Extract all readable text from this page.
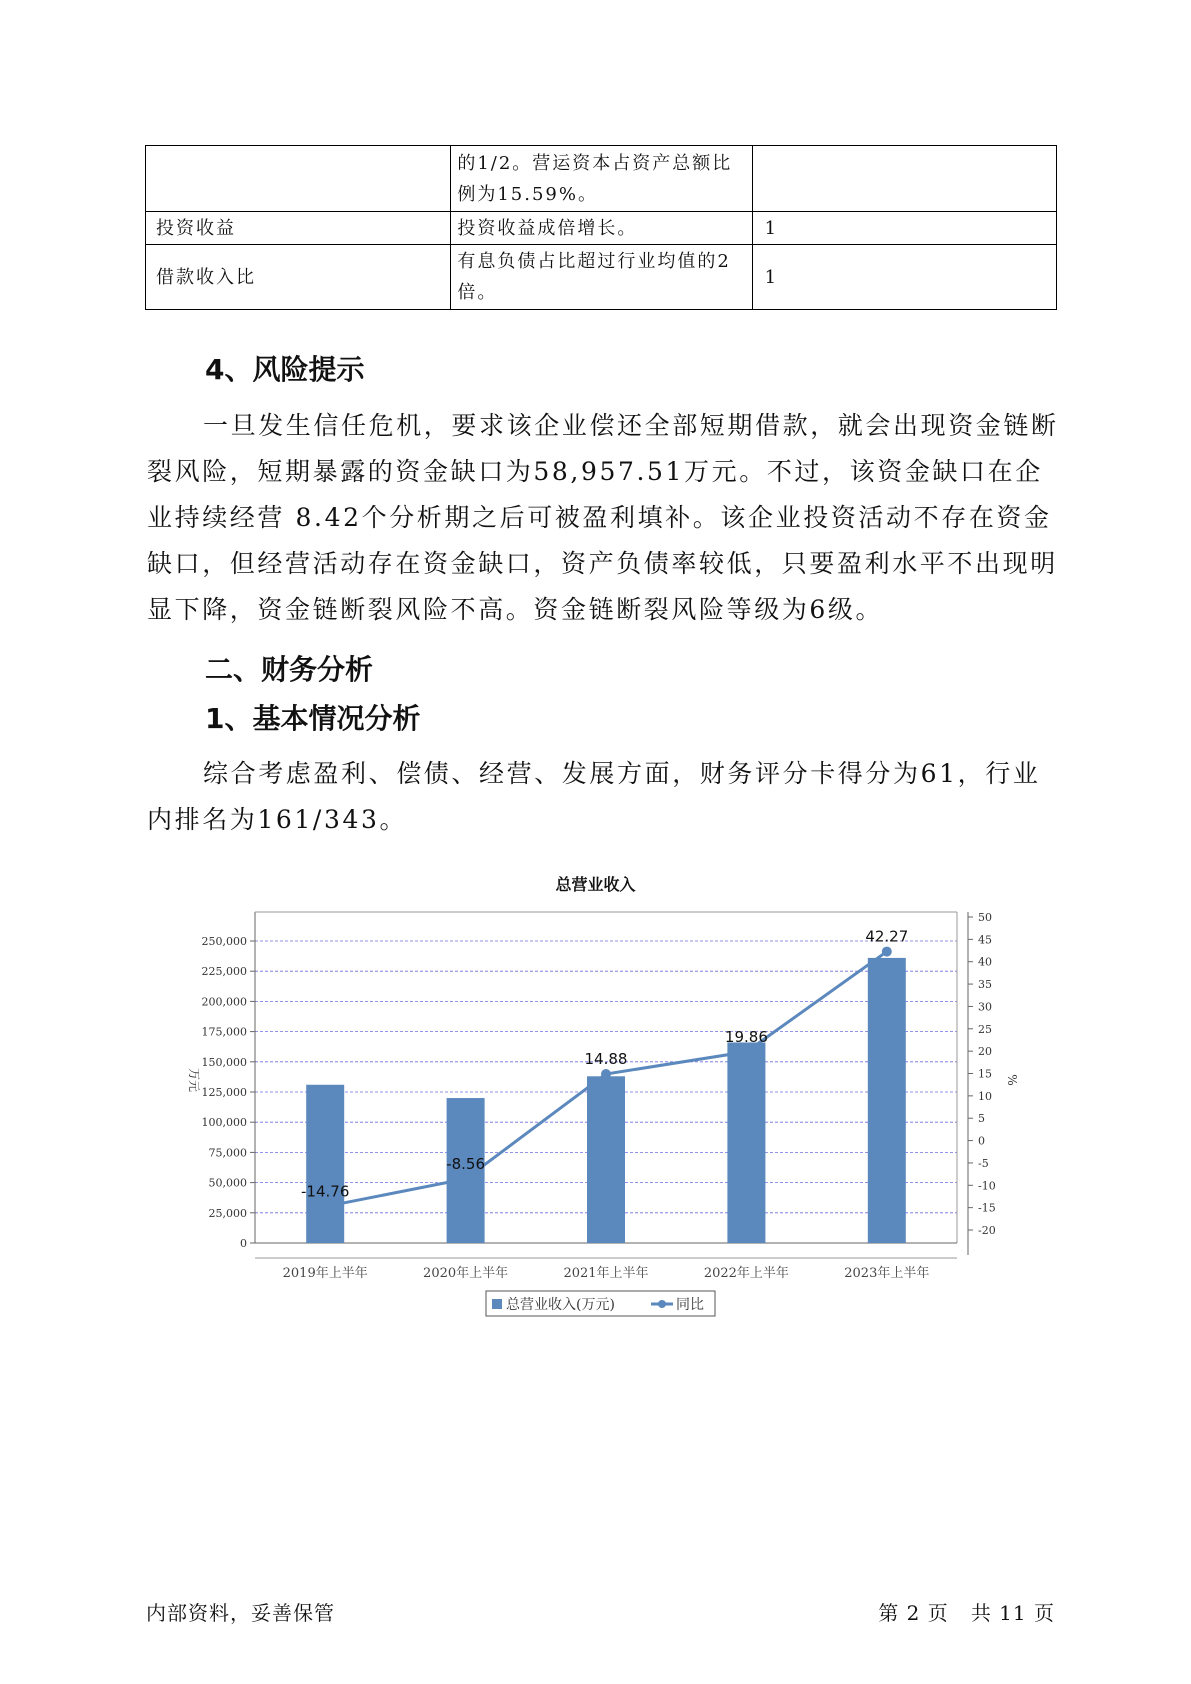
	的1/2。营运资本占资产总额比例为15.59%。	
投资收益	投资收益成倍增长。	1
借款收入比	有息负债占比超过行业均值的2倍。	1
4、风险提示

一旦发生信任危机，要求该企业偿还全部短期借款，就会出现资金链断裂风险，短期暴露的资金缺口为58,957.51万元。不过，该资金缺口在企业持续经营 8.42个分析期之后可被盈利填补。该企业投资活动不存在资金缺口，但经营活动存在资金缺口，资产负债率较低，只要盈利水平不出现明显下降，资金链断裂风险不高。资金链断裂风险等级为6级。

二、财务分析
1、基本情况分析

综合考虑盈利、偿债、经营、发展方面，财务评分卡得分为61，行业内排名为161/343。

总营业收入
0
25,000
50,000
75,000
100,000
125,000
150,000
175,000
200,000
225,000
250,000
-20
-15
-10
-5
0
5
10
15
20
25
30
35
40
45
50
万元	%
2019年上半年	2020年上半年	2021年上半年	2022年上半年	2023年上半年
-14.76
-8.56
14.88
19.86
42.27
总营业收入(万元)	同比
内部资料，妥善保管	第 2 页   共 11 页
